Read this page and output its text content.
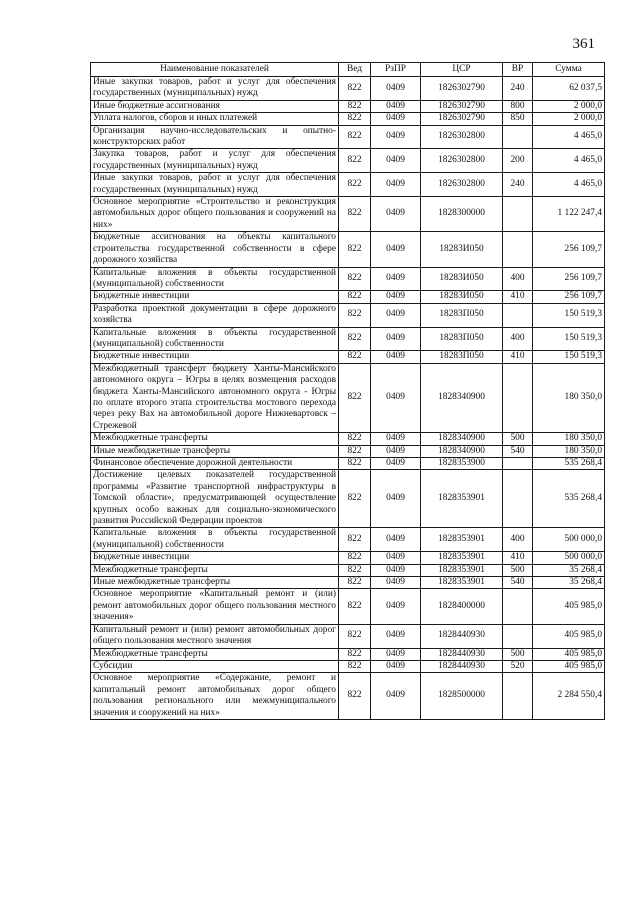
361
Наименование показателей	Вед	РзПР	ЦСР	ВР	Сумма
Иные закупки товаров, работ и услуг для обеспечения государственных (муниципальных) нужд	822	0409	1826302790	240	62 037,5
Иные бюджетные ассигнования	822	0409	1826302790	800	2 000,0
Уплата налогов, сборов и иных платежей	822	0409	1826302790	850	2 000,0
Организация научно-исследовательских и опытно-конструкторских работ	822	0409	1826302800		4 465,0
Закупка товаров, работ и услуг для обеспечения государственных (муниципальных) нужд	822	0409	1826302800	200	4 465,0
Иные закупки товаров, работ и услуг для обеспечения государственных (муниципальных) нужд	822	0409	1826302800	240	4 465,0
Основное мероприятие «Строительство и реконструкция автомобильных дорог общего пользования и сооружений на них»	822	0409	1828300000		1 122 247,4
Бюджетные ассигнования на объекты капитального строительства государственной собственности в сфере дорожного хозяйства	822	0409	18283И050		256 109,7
Капитальные вложения в объекты государственной (муниципальной) собственности	822	0409	18283И050	400	256 109,7
Бюджетные инвестиции	822	0409	18283И050	410	256 109,7
Разработка проектной документации в сфере дорожного хозяйства	822	0409	18283П050		150 519,3
Капитальные вложения в объекты государственной (муниципальной) собственности	822	0409	18283П050	400	150 519,3
Бюджетные инвестиции	822	0409	18283П050	410	150 519,3
Межбюджетный трансферт бюджету Ханты-Мансийского автономного округа – Югры в целях возмещения расходов бюджета Ханты-Мансийского автономного округа - Югры по оплате второго этапа строительства мостового перехода через реку Вах на автомобильной дороге Нижневартовск – Стрежевой	822	0409	1828340900		180 350,0
Межбюджетные трансферты	822	0409	1828340900	500	180 350,0
Иные межбюджетные трансферты	822	0409	1828340900	540	180 350,0
Финансовое обеспечение дорожной деятельности	822	0409	1828353900		535 268,4
Достижение целевых показателей государственной программы «Развитие транспортной инфраструктуры в Томской области», предусматривающей осуществление крупных особо важных для социально-экономического развития Российской Федерации проектов	822	0409	1828353901		535 268,4
Капитальные вложения в объекты государственной (муниципальной) собственности	822	0409	1828353901	400	500 000,0
Бюджетные инвестиции	822	0409	1828353901	410	500 000,0
Межбюджетные трансферты	822	0409	1828353901	500	35 268,4
Иные межбюджетные трансферты	822	0409	1828353901	540	35 268,4
Основное мероприятие «Капитальный ремонт и (или) ремонт автомобильных дорог общего пользования местного значения»	822	0409	1828400000		405 985,0
Капитальный ремонт и (или) ремонт автомобильных дорог общего пользования местного значения	822	0409	1828440930		405 985,0
Межбюджетные трансферты	822	0409	1828440930	500	405 985,0
Субсидии	822	0409	1828440930	520	405 985,0
Основное мероприятие «Содержание, ремонт и капитальный ремонт автомобильных дорог общего пользования регионального или межмуниципального значения и сооружений на них»	822	0409	1828500000		2 284 550,4
